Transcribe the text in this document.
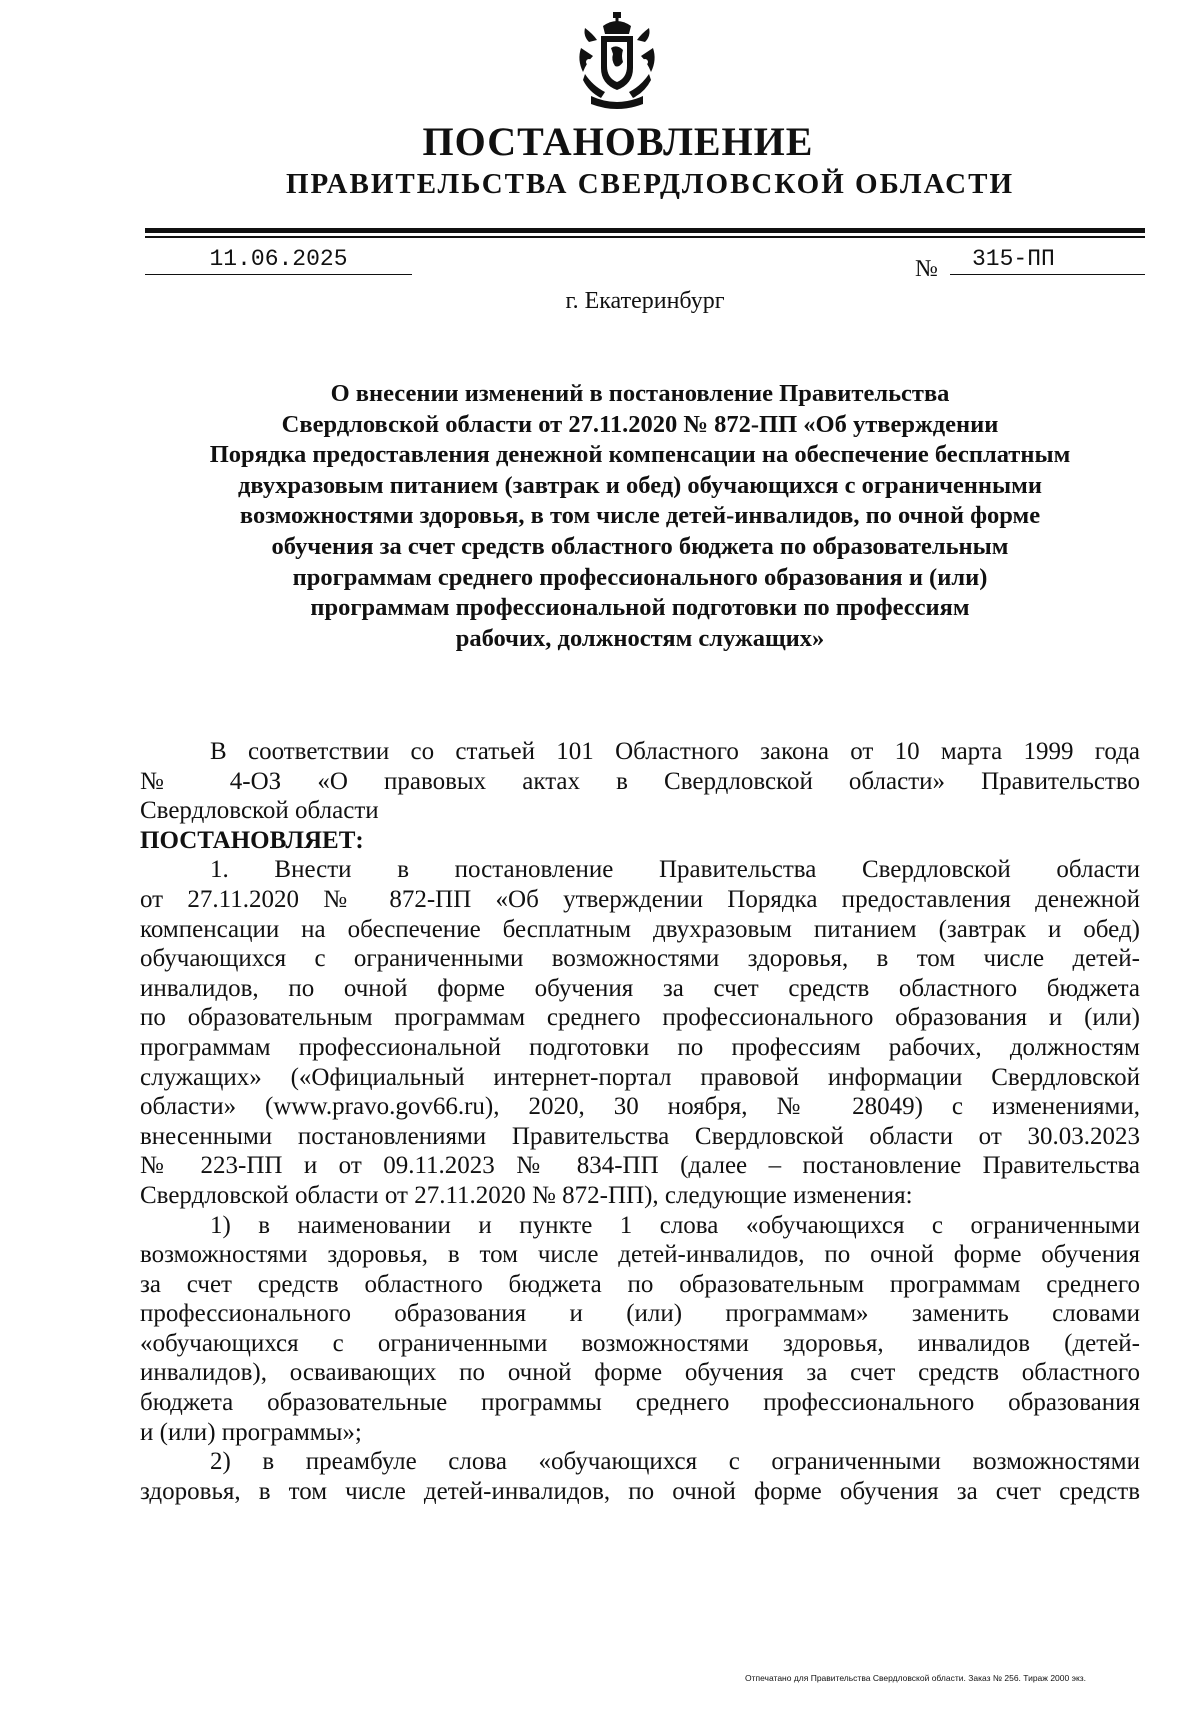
ПОСТАНОВЛЕНИЕ
ПРАВИТЕЛЬСТВА СВЕРДЛОВСКОЙ ОБЛАСТИ
11.06.2025	№	315-ПП
г. Екатеринбург
О внесении изменений в постановление Правительства
Свердловской области от 27.11.2020 № 872-ПП «Об утверждении
Порядка предоставления денежной компенсации на обеспечение бесплатным
двухразовым питанием (завтрак и обед) обучающихся с ограниченными
возможностями здоровья, в том числе детей-инвалидов, по очной форме
обучения за счет средств областного бюджета по образовательным
программам среднего профессионального образования и (или)
программам профессиональной подготовки по профессиям
рабочих, должностям служащих»
В соответствии со статьей 101 Областного закона от 10 марта 1999 года
№ 4-ОЗ «О правовых актах в Свердловской области» Правительство
Свердловской области
ПОСТАНОВЛЯЕТ:
1. Внести в постановление Правительства Свердловской области
от 27.11.2020 № 872-ПП «Об утверждении Порядка предоставления денежной
компенсации на обеспечение бесплатным двухразовым питанием (завтрак и обед)
обучающихся с ограниченными возможностями здоровья, в том числе детей-
инвалидов, по очной форме обучения за счет средств областного бюджета
по образовательным программам среднего профессионального образования и (или)
программам профессиональной подготовки по профессиям рабочих, должностям
служащих» («Официальный интернет-портал правовой информации Свердловской
области» (www.pravo.gov66.ru), 2020, 30 ноября, № 28049) с изменениями,
внесенными постановлениями Правительства Свердловской области от 30.03.2023
№ 223-ПП и от 09.11.2023 № 834-ПП (далее – постановление Правительства
Свердловской области от 27.11.2020 № 872-ПП), следующие изменения:
1) в наименовании и пункте 1 слова «обучающихся с ограниченными
возможностями здоровья, в том числе детей-инвалидов, по очной форме обучения
за счет средств областного бюджета по образовательным программам среднего
профессионального образования и (или) программам» заменить словами
«обучающихся с ограниченными возможностями здоровья, инвалидов (детей-
инвалидов), осваивающих по очной форме обучения за счет средств областного
бюджета образовательные программы среднего профессионального образования
и (или) программы»;
2) в преамбуле слова «обучающихся с ограниченными возможностями
здоровья, в том числе детей-инвалидов, по очной форме обучения за счет средств
Отпечатано для Правительства Свердловской области. Заказ № 256. Тираж 2000 экз.
